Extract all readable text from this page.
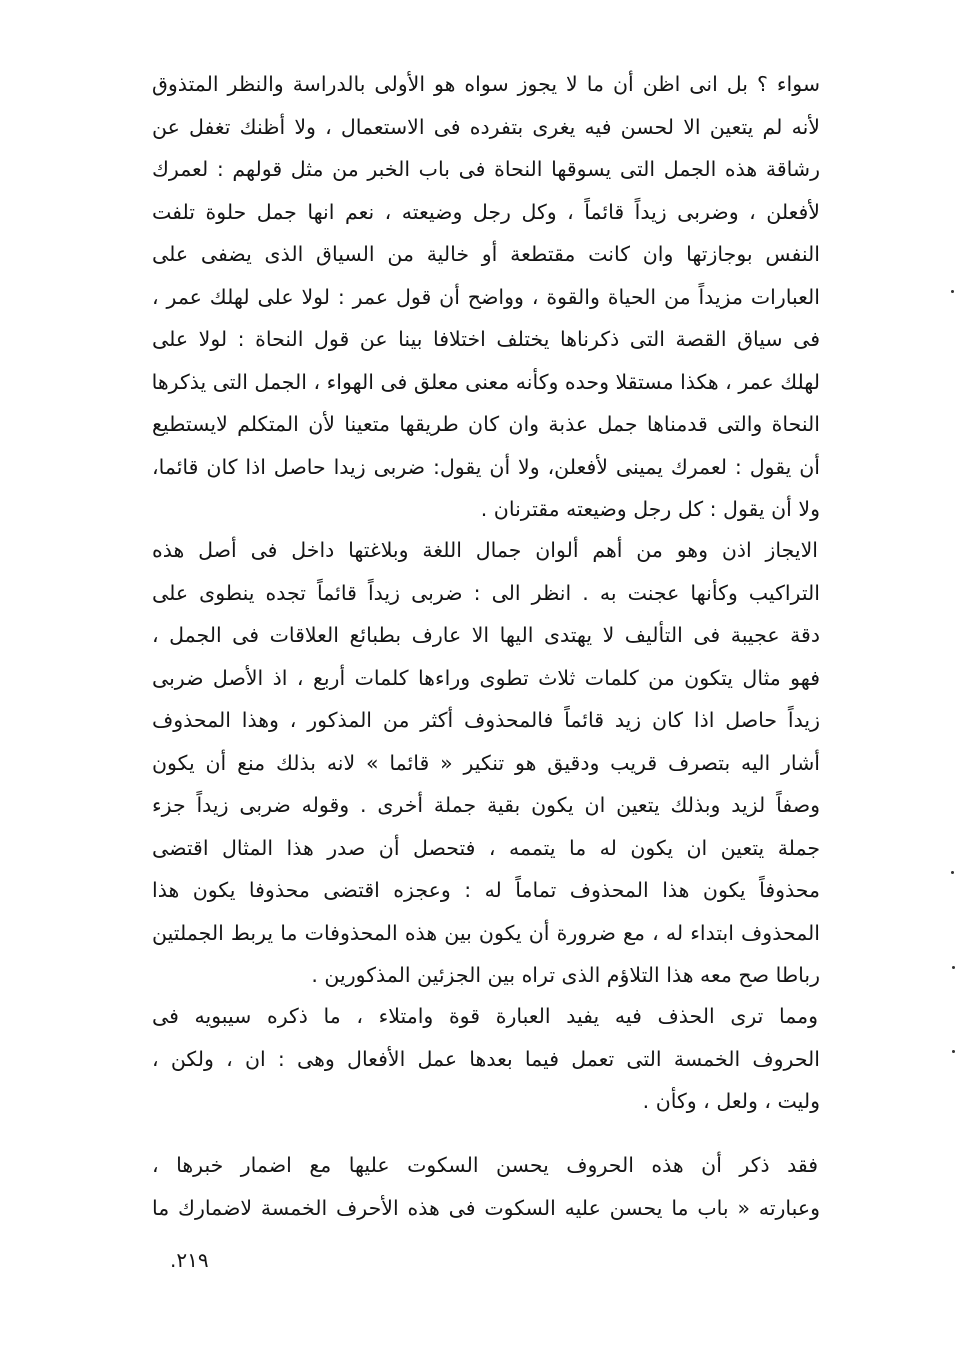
سواء ؟ بل انى اظن أن ما لا يجوز سواه هو الأولى بالدراسة والنظر المتذوق
لأنه لم يتعين الا لحسن فيه يغرى بتفرده فى الاستعمال ، ولا أظنك تغفل عن
رشاقة هذه الجمل التى يسوقها النحاة فى باب الخبر من مثل قولهم : لعمرك
لأفعلن ، وضربى زيداً قائماً ، وكل رجل وضيعته ، نعم انها جمل حلوة تلفت
النفس بوجازتها وان كانت مقتطعة أو خالية من السياق الذى يضفى على
العبارات مزيداً من الحياة والقوة ، وواضح أن قول عمر : لولا على لهلك عمر ،
فى سياق القصة التى ذكرناها يختلف اختلافا بينا عن قول النحاة : لولا على
لهلك عمر ، هكذا مستقلا وحده وكأنه معنى معلق فى الهواء ، الجمل التى يذكرها
النحاة والتى قدمناها جمل عذبة وان كان طريقها متعينا لأن المتكلم لايستطيع
أن يقول : لعمرك يمينى لأفعلن، ولا أن يقول: ضربى زيدا حاصل اذا كان قائما،
ولا أن يقول : كل رجل وضيعته مقترنان .
الايجاز اذن وهو من أهم ألوان جمال اللغة وبلاغتها داخل فى أصل هذه
التراكيب وكأنها عجنت به . انظر الى : ضربى زيداً قائماً تجده ينطوى على
دقة عجيبة فى التأليف لا يهتدى اليها الا عارف بطبائع العلاقات فى الجمل ،
فهو مثال يتكون من كلمات ثلاث تطوى وراءها كلمات أربع ، اذ الأصل ضربى
زيداً حاصل اذا كان زيد قائماً فالمحذوف أكثر من المذكور ، وهذا المحذوف
أشار اليه بتصرف قريب ودقيق هو تنكير « قائما » لانه بذلك منع أن يكون
وصفاً لزيد وبذلك يتعين ان يكون بقية جملة أخرى . وقوله ضربى زيداً جزء
جملة يتعين ان يكون له ما يتممه ، فتحصل أن صدر هذا المثال اقتضى
محذوفاً يكون هذا المحذوف تماماً له : وعجزه اقتضى محذوفا يكون هذا
المحذوف ابتداء له ، مع ضرورة أن يكون بين هذه المحذوفات ما يربط الجملتين
رباطا صح معه هذا التلاؤم الذى تراه بين الجزئين المذكورين .
ومما ترى الحذف فيه يفيد العبارة قوة وامتلاء ، ما ذكره سيبويه فى
الحروف الخمسة التى تعمل فيما بعدها عمل الأفعال وهى : ان ، ولكن ،
وليت ، ولعل ، وكأن .
فقد ذكر أن هذه الحروف يحسن السكوت عليها مع اضمار خبرها ،
وعبارته « باب ما يحسن عليه السكوت فى هذه الأحرف الخمسة لاضمارك ما
٢١٩.
